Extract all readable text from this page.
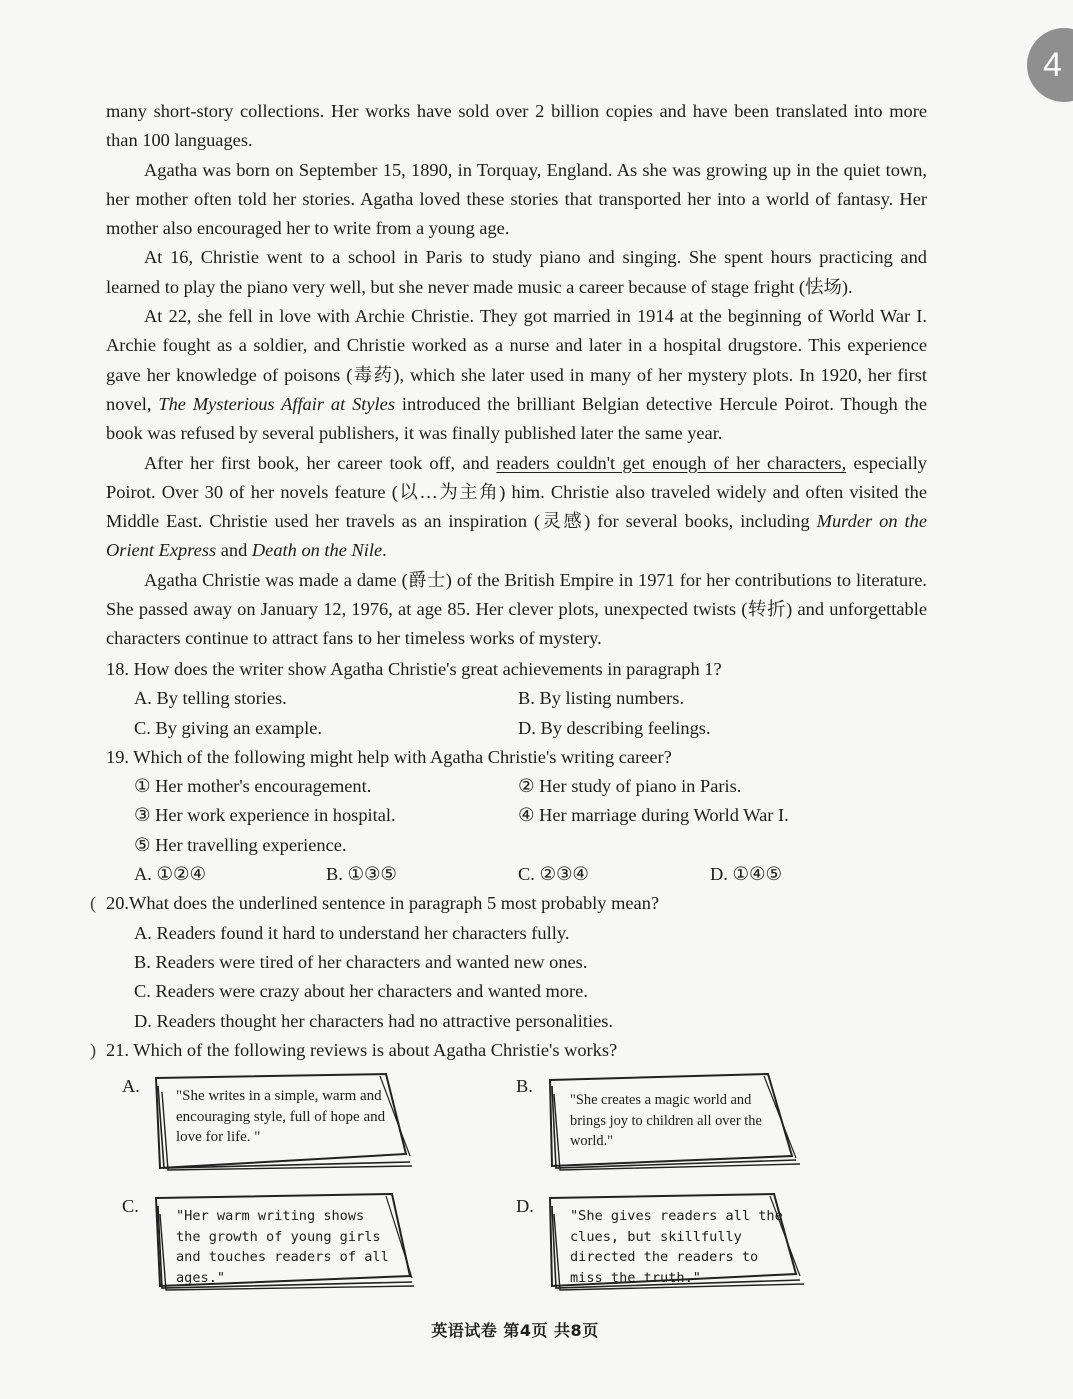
4

many short-story collections. Her works have sold over 2 billion copies and have been translated into more than 100 languages.

Agatha was born on September 15, 1890, in Torquay, England. As she was growing up in the quiet town, her mother often told her stories. Agatha loved these stories that transported her into a world of fantasy. Her mother also encouraged her to write from a young age.

At 16, Christie went to a school in Paris to study piano and singing. She spent hours practicing and learned to play the piano very well, but she never made music a career because of stage fright (怯场).

At 22, she fell in love with Archie Christie. They got married in 1914 at the beginning of World War I. Archie fought as a soldier, and Christie worked as a nurse and later in a hospital drugstore. This experience gave her knowledge of poisons (毒药), which she later used in many of her mystery plots. In 1920, her first novel, The Mysterious Affair at Styles introduced the brilliant Belgian detective Hercule Poirot. Though the book was refused by several publishers, it was finally published later the same year.

After her first book, her career took off, and readers couldn't get enough of her characters, especially Poirot. Over 30 of her novels feature (以…为主角) him. Christie also traveled widely and often visited the Middle East. Christie used her travels as an inspiration (灵感) for several books, including Murder on the Orient Express and Death on the Nile.

Agatha Christie was made a dame (爵士) of the British Empire in 1971 for her contributions to literature. She passed away on January 12, 1976, at age 85. Her clever plots, unexpected twists (转折) and unforgettable characters continue to attract fans to her timeless works of mystery.

18. How does the writer show Agatha Christie's great achievements in paragraph 1?
A. By telling stories.	B. By listing numbers.
C. By giving an example.	D. By describing feelings.
19. Which of the following might help with Agatha Christie's writing career?
① Her mother's encouragement.	② Her study of piano in Paris.
③ Her work experience in hospital.	④ Her marriage during World War I.
⑤ Her travelling experience.
A. ①②④	B. ①③⑤	C. ②③④	D. ①④⑤
( 20.What does the underlined sentence in paragraph 5 most probably mean?
A. Readers found it hard to understand her characters fully.
B. Readers were tired of her characters and wanted new ones.
C. Readers were crazy about her characters and wanted more.
D. Readers thought her characters had no attractive personalities.
) 21. Which of the following reviews is about Agatha Christie's works?
A. "She writes in a simple, warm and encouraging style, full of hope and love for life. "
B.
"She creates a magic world and brings joy to children all over the world."
C.	"Her warm writing shows the growth of young girls and touches readers of all ages."
D.	"She gives readers all the clues, but skillfully directed the readers to miss the truth."
英语试卷 第4页 共8页
